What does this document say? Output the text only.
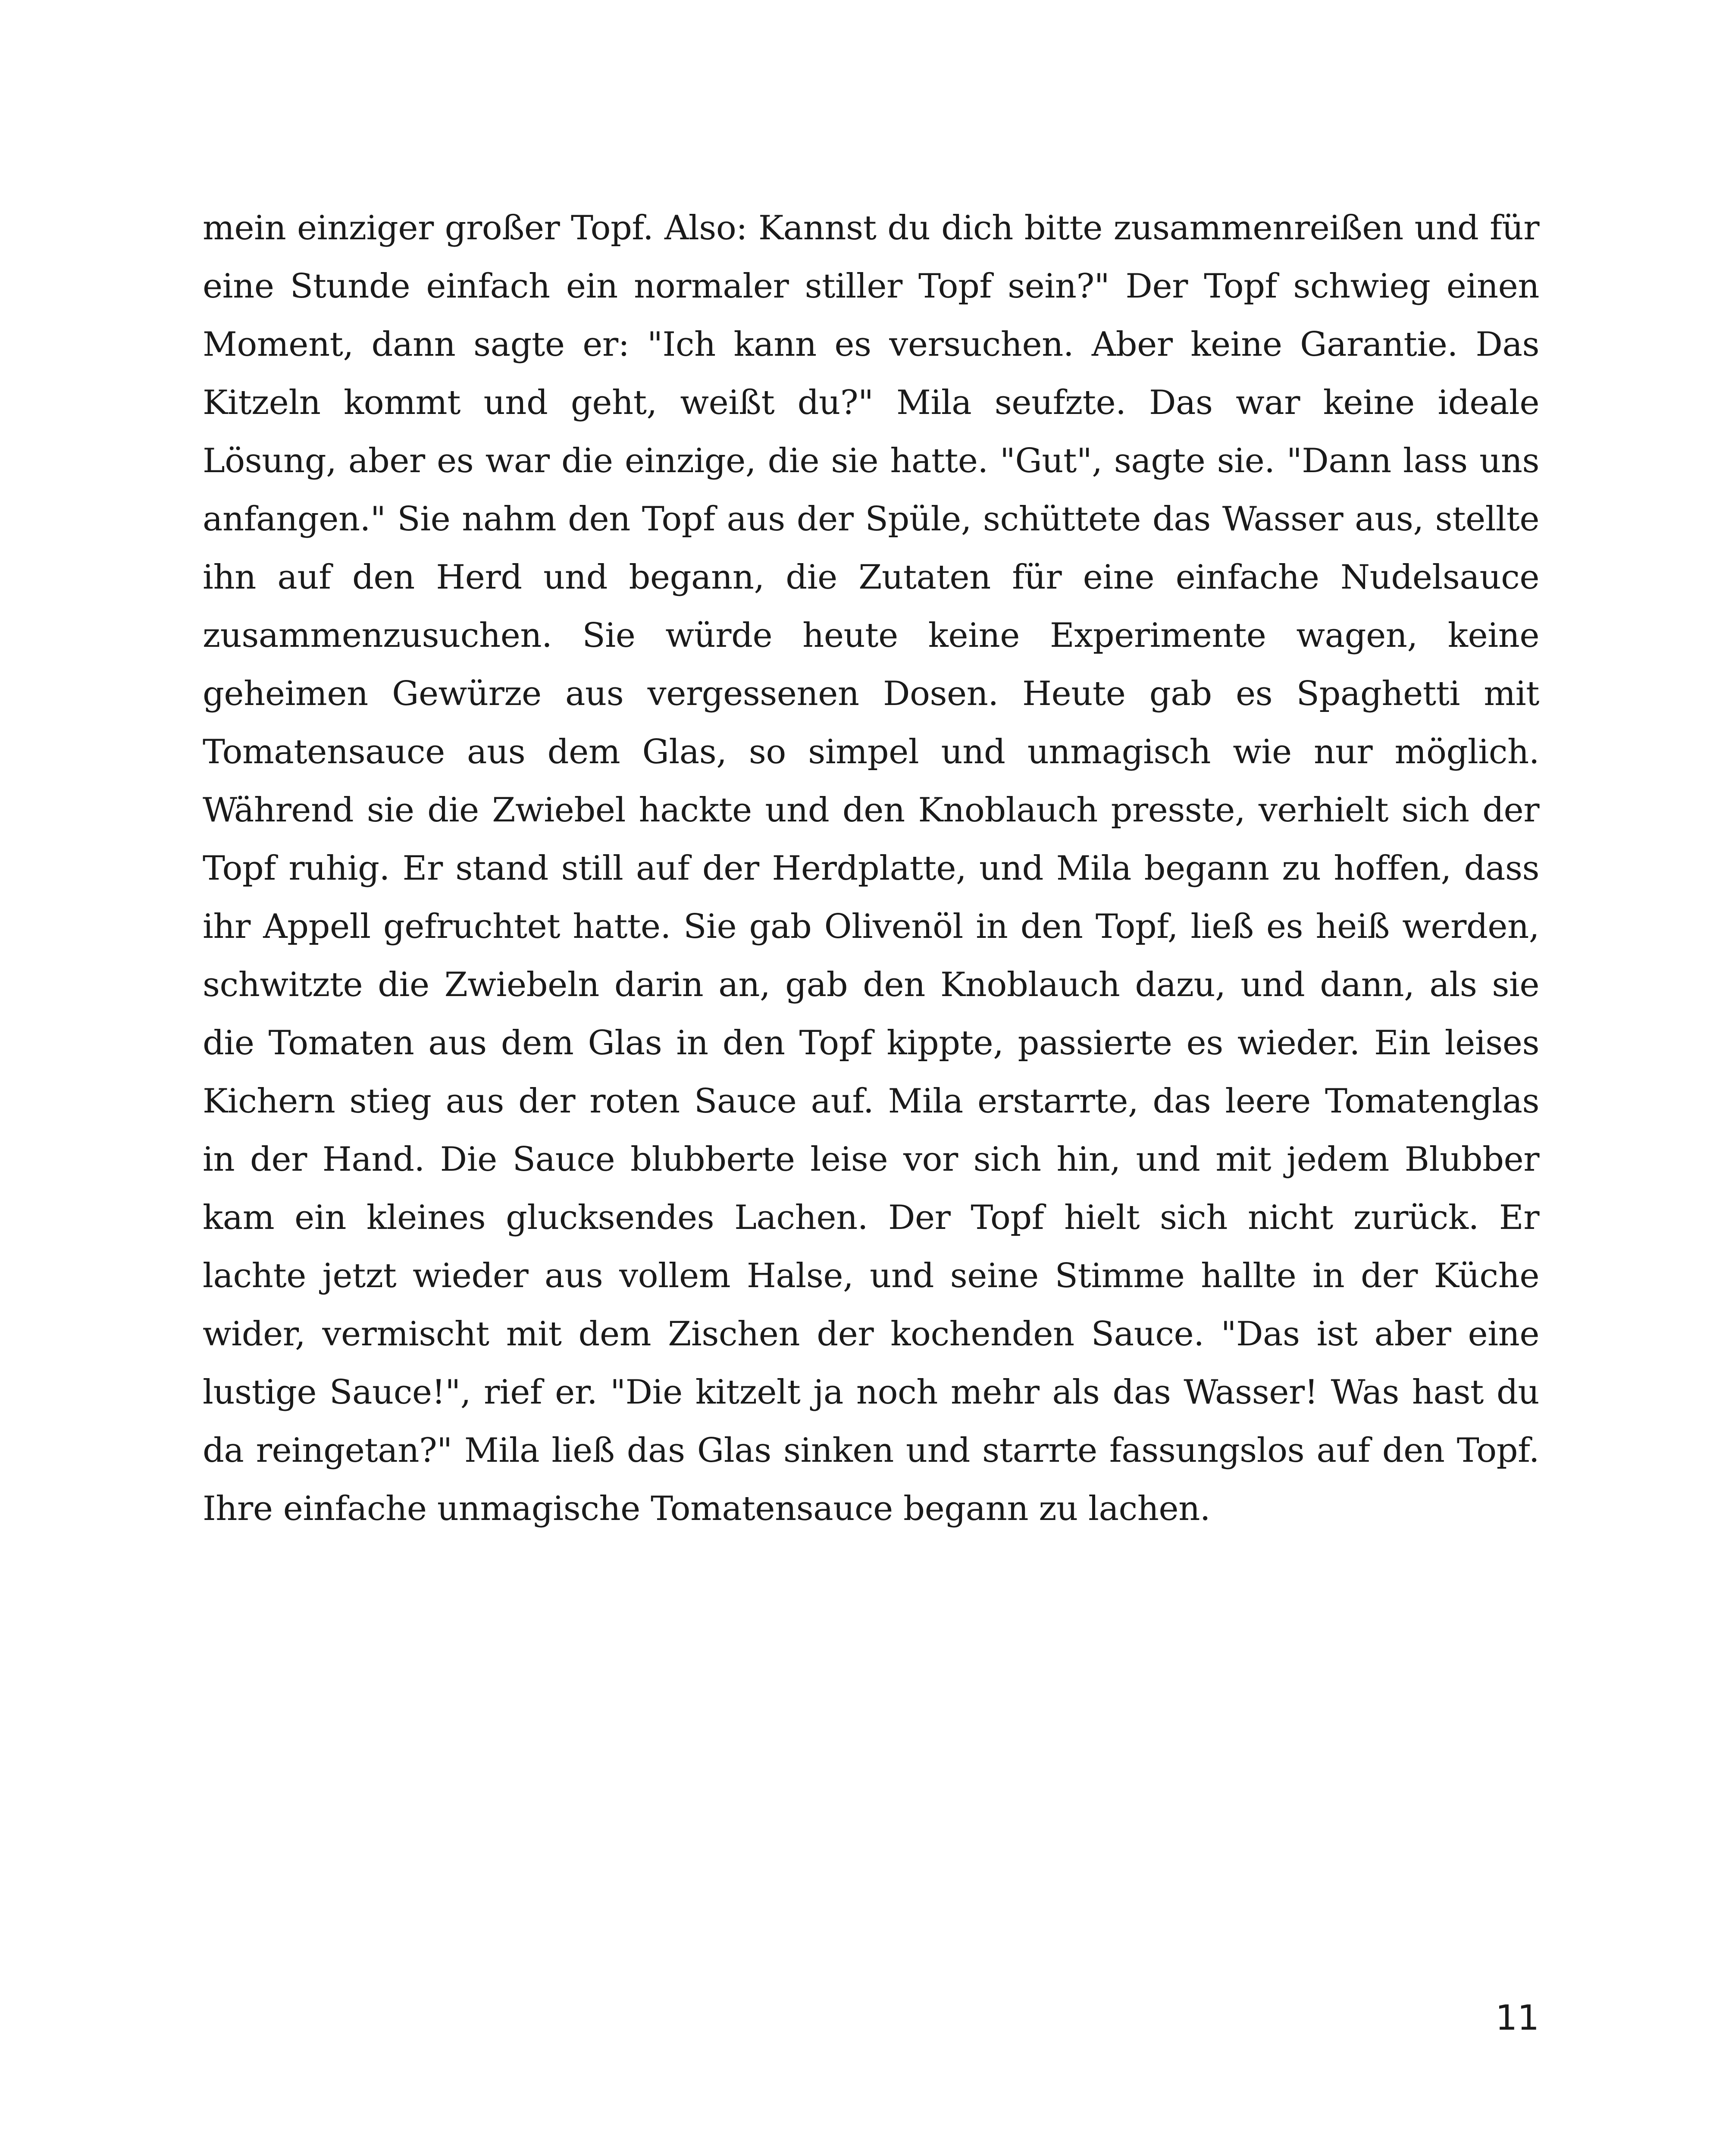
mein einziger großer Topf. Also: Kannst du dich bitte zusammenreißen und für eine Stunde einfach ein normaler stiller Topf sein?" Der Topf schwieg einen Moment, dann sagte er: "Ich kann es versuchen. Aber keine Garantie. Das Kitzeln kommt und geht, weißt du?" Mila seufzte. Das war keine ideale Lösung, aber es war die einzige, die sie hatte. "Gut", sagte sie. "Dann lass uns anfangen." Sie nahm den Topf aus der Spüle, schüttete das Wasser aus, stellte ihn auf den Herd und begann, die Zutaten für eine einfache Nudelsauce zusammenzusuchen. Sie würde heute keine Experimente wagen, keine geheimen Gewürze aus vergessenen Dosen. Heute gab es Spaghetti mit Tomatensauce aus dem Glas, so simpel und unmagisch wie nur möglich. Während sie die Zwiebel hackte und den Knoblauch presste, verhielt sich der Topf ruhig. Er stand still auf der Herdplatte, und Mila begann zu hoffen, dass ihr Appell gefruchtet hatte. Sie gab Olivenöl in den Topf, ließ es heiß werden, schwitzte die Zwiebeln darin an, gab den Knoblauch dazu, und dann, als sie die Tomaten aus dem Glas in den Topf kippte, passierte es wieder. Ein leises Kichern stieg aus der roten Sauce auf. Mila erstarrte, das leere Tomatenglas in der Hand. Die Sauce blubberte leise vor sich hin, und mit jedem Blubber kam ein kleines glucksendes Lachen. Der Topf hielt sich nicht zurück. Er lachte jetzt wieder aus vollem Halse, und seine Stimme hallte in der Küche wider, vermischt mit dem Zischen der kochenden Sauce. "Das ist aber eine lustige Sauce!", rief er. "Die kitzelt ja noch mehr als das Wasser! Was hast du da reingetan?" Mila ließ das Glas sinken und starrte fassungslos auf den Topf. Ihre einfache unmagische Tomatensauce begann zu lachen.

11
